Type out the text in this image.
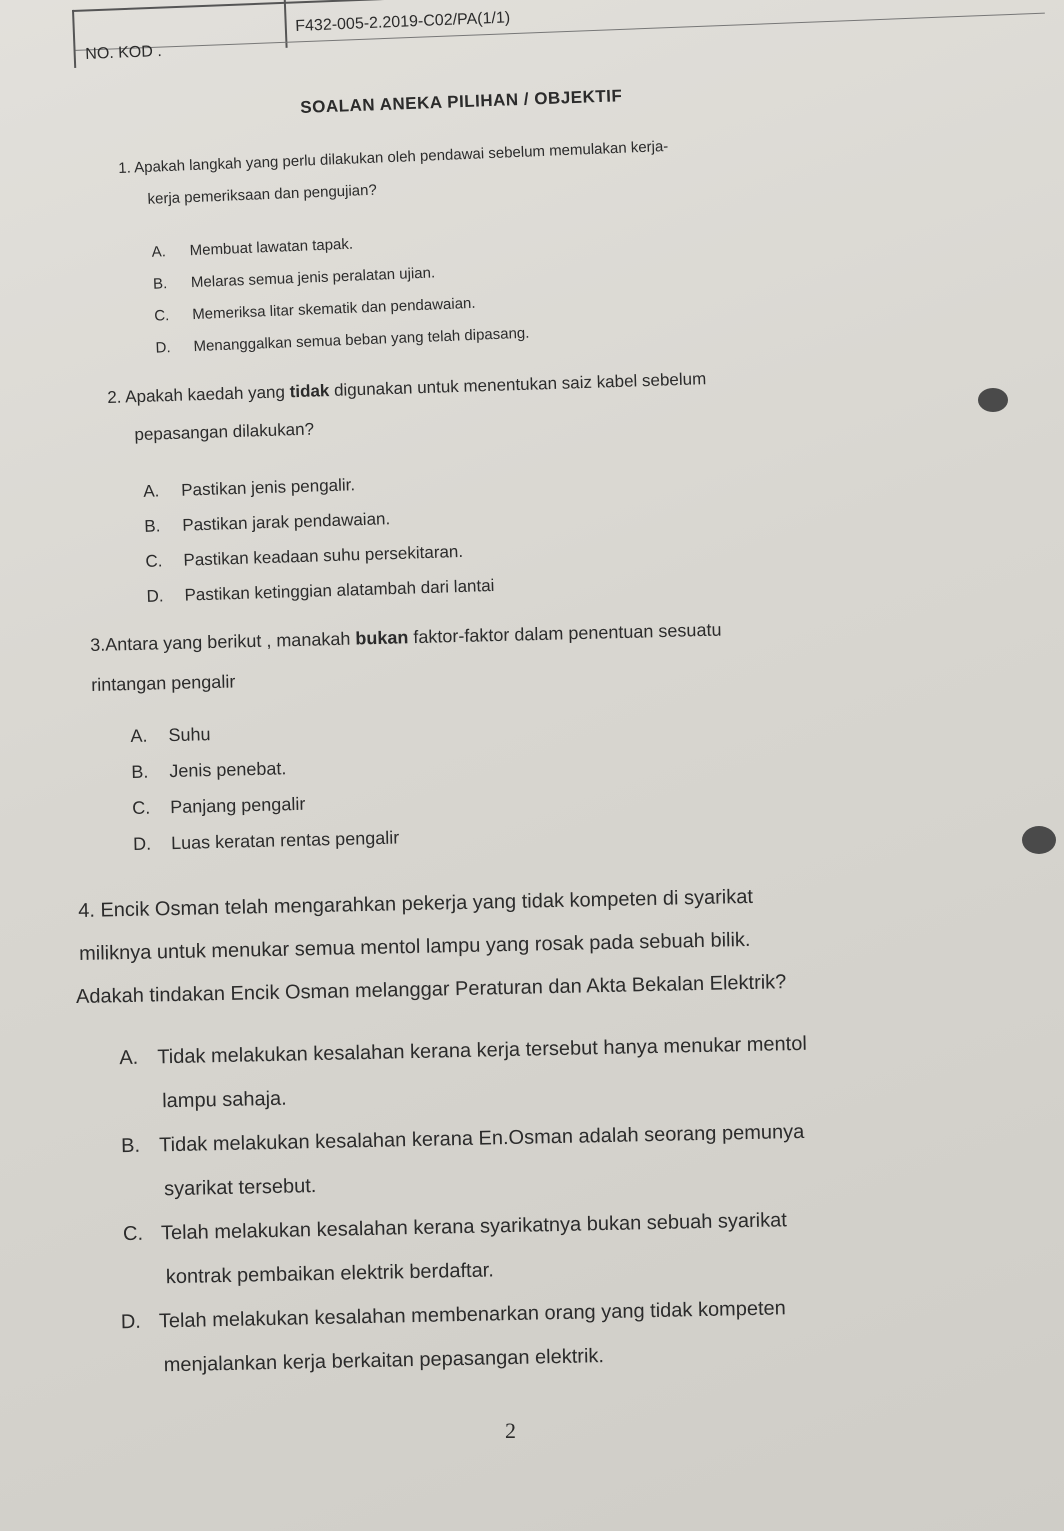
NO. KOD .
F432-005-2.2019-C02/PA(1/1)
SOALAN ANEKA PILIHAN / OBJEKTIF
1. Apakah langkah yang perlu dilakukan oleh pendawai sebelum memulakan kerja-
kerja pemeriksaan dan pengujian?
A. Membuat lawatan tapak.
B. Melaras semua jenis peralatan ujian.
C. Memeriksa litar skematik dan pendawaian.
D. Menanggalkan semua beban yang telah dipasang.
2. Apakah kaedah yang tidak digunakan untuk menentukan saiz kabel sebelum
pepasangan dilakukan?
A. Pastikan jenis pengalir.
B. Pastikan jarak pendawaian.
C. Pastikan keadaan suhu persekitaran.
D. Pastikan ketinggian alatambah dari lantai
3.Antara yang berikut , manakah bukan faktor-faktor dalam penentuan sesuatu
rintangan pengalir
A. Suhu
B. Jenis penebat.
C. Panjang pengalir
D. Luas keratan rentas pengalir
4. Encik Osman telah mengarahkan pekerja yang tidak kompeten di syarikat
miliknya untuk menukar semua mentol lampu yang rosak pada sebuah bilik.
Adakah tindakan Encik Osman melanggar Peraturan dan Akta Bekalan Elektrik?
A. Tidak melakukan kesalahan kerana kerja tersebut hanya menukar mentol
lampu sahaja.
B. Tidak melakukan kesalahan kerana En.Osman adalah seorang pemunya
syarikat tersebut.
C. Telah melakukan kesalahan kerana syarikatnya bukan sebuah syarikat
kontrak pembaikan elektrik berdaftar.
D. Telah melakukan kesalahan membenarkan orang yang tidak kompeten
menjalankan kerja berkaitan pepasangan elektrik.
2
